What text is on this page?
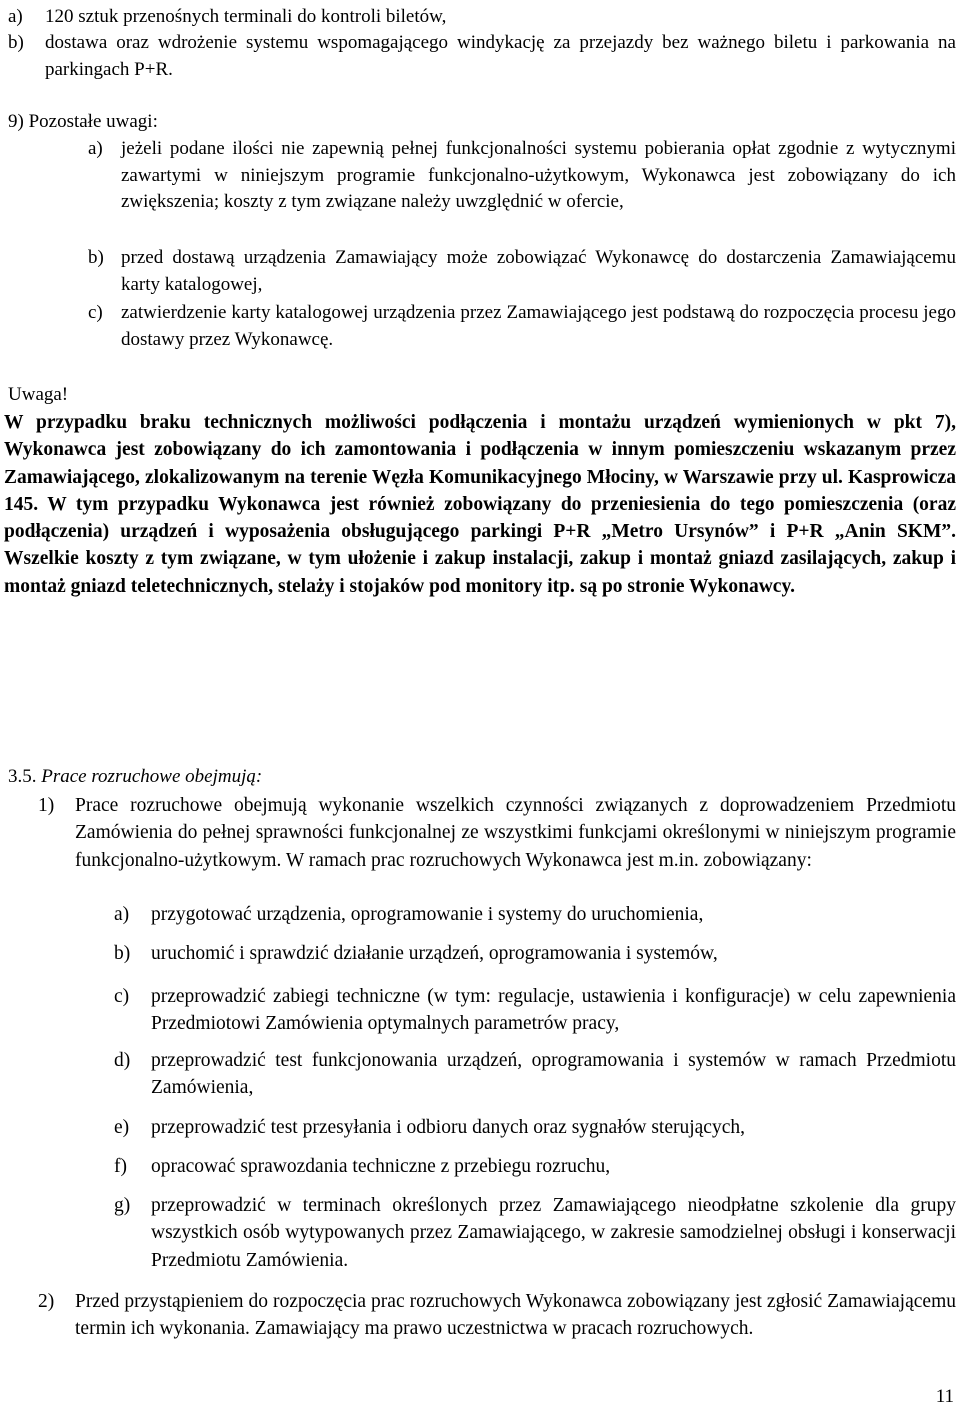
a)	120 sztuk przenośnych terminali do kontroli biletów,
b)	dostawa oraz wdrożenie systemu wspomagającego windykację za przejazdy bez ważnego biletu i parkowania na parkingach P+R.
9) Pozostałe uwagi:
a) jeżeli podane ilości nie zapewnią pełnej funkcjonalności systemu pobierania opłat zgodnie z wytycznymi zawartymi w niniejszym programie funkcjonalno-użytkowym, Wykonawca jest zobowiązany do ich zwiększenia; koszty z tym związane należy uwzględnić w ofercie,
b) przed dostawą urządzenia Zamawiający może zobowiązać Wykonawcę do dostarczenia Zamawiającemu karty katalogowej,
c) zatwierdzenie karty katalogowej urządzenia przez Zamawiającego jest podstawą do rozpoczęcia procesu jego dostawy przez Wykonawcę.
Uwaga!
W przypadku braku technicznych możliwości podłączenia i montażu urządzeń wymienionych w pkt 7), Wykonawca jest zobowiązany do ich zamontowania i podłączenia w innym pomieszczeniu wskazanym przez Zamawiającego, zlokalizowanym na terenie Węzła Komunikacyjnego Młociny, w Warszawie przy ul. Kasprowicza 145. W tym przypadku Wykonawca jest również zobowiązany do przeniesienia do tego pomieszczenia (oraz podłączenia) urządzeń i wyposażenia obsługującego parkingi P+R „Metro Ursynów” i P+R „Anin SKM”. Wszelkie koszty z tym związane, w tym ułożenie i zakup instalacji, zakup i montaż gniazd zasilających, zakup i montaż gniazd teletechnicznych, stelaży i stojaków pod monitory itp. są po stronie Wykonawcy.
3.5. Prace rozruchowe obejmują:
1)	Prace rozruchowe obejmują wykonanie wszelkich czynności związanych z doprowadzeniem Przedmiotu Zamówienia do pełnej sprawności funkcjonalnej ze wszystkimi funkcjami określonymi w niniejszym programie funkcjonalno-użytkowym. W ramach prac rozruchowych Wykonawca jest m.in. zobowiązany:
a)	przygotować urządzenia, oprogramowanie i systemy do uruchomienia,
b)	uruchomić i sprawdzić działanie urządzeń, oprogramowania i systemów,
c)	przeprowadzić zabiegi techniczne (w tym: regulacje, ustawienia i konfiguracje) w celu zapewnienia Przedmiotowi Zamówienia optymalnych parametrów pracy,
d)	przeprowadzić test funkcjonowania urządzeń, oprogramowania i systemów w ramach Przedmiotu Zamówienia,
e)	przeprowadzić test przesyłania i odbioru danych oraz sygnałów sterujących,
f)	opracować sprawozdania techniczne z przebiegu rozruchu,
g)	przeprowadzić w terminach określonych przez Zamawiającego nieodpłatne szkolenie dla grupy wszystkich osób wytypowanych przez Zamawiającego, w zakresie samodzielnej obsługi i konserwacji Przedmiotu Zamówienia.
2)	Przed przystąpieniem do rozpoczęcia prac rozruchowych Wykonawca zobowiązany jest zgłosić Zamawiającemu termin ich wykonania. Zamawiający ma prawo uczestnictwa w pracach rozruchowych.
11
